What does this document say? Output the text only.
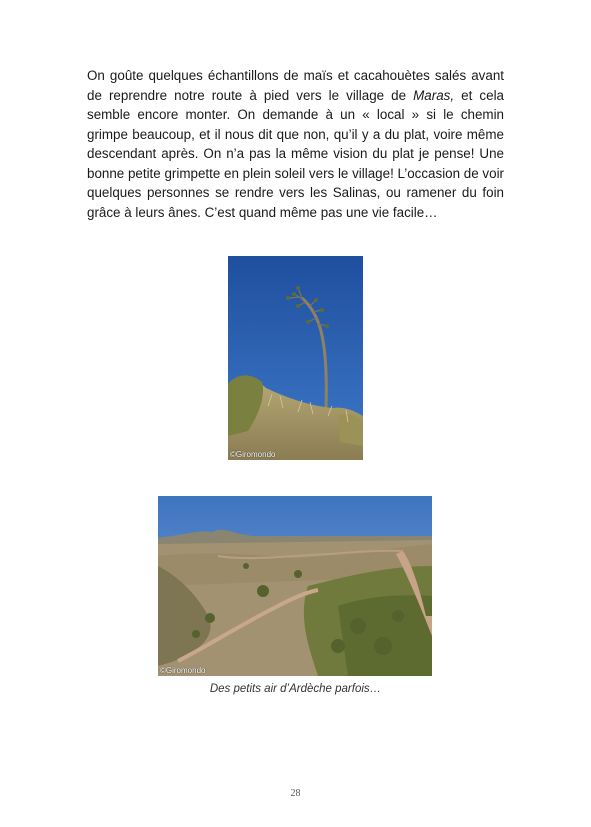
On goûte quelques échantillons de maïs et cacahouètes salés avant de reprendre notre route à pied vers le village de Maras, et cela semble encore monter. On demande à un « local » si le chemin grimpe beaucoup, et il nous dit que non, qu’il y a du plat, voire même descendant après. On n’a pas la même vision du plat je pense! Une bonne petite grimpette en plein soleil vers le village! L’occasion de voir quelques personnes se rendre vers les Salinas, ou ramener du foin grâce à leurs ânes. C’est quand même pas une vie facile…

©Giromondo
©Giromondo
Des petits air d’Ardèche parfois…
28
